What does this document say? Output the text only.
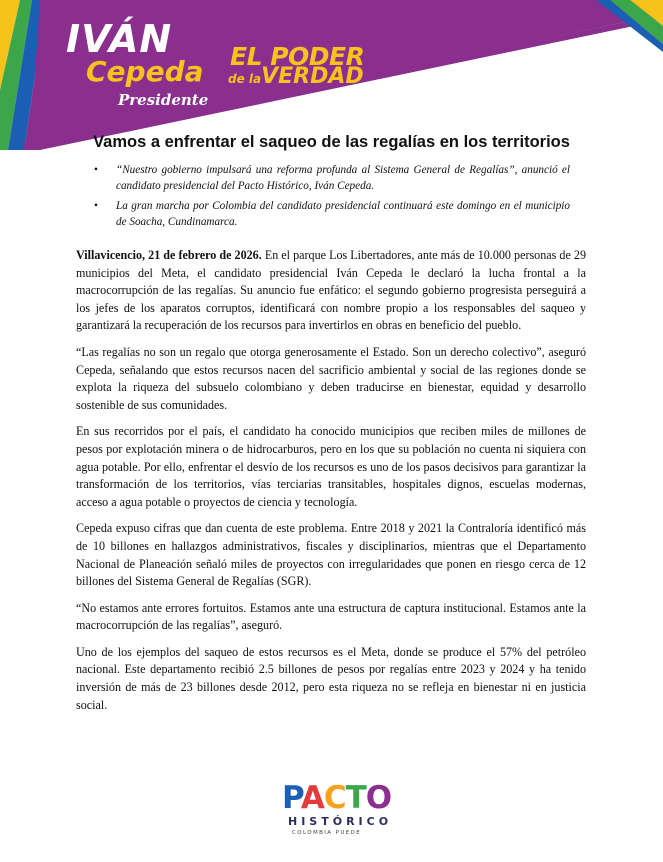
IVÁN
Cepeda
Presidente
EL PODER
de laVERDAD
Vamos a enfrentar el saqueo de las regalías en los territorios
• “Nuestro gobierno impulsará una reforma profunda al Sistema General de Regalías”, anunció el candidato presidencial del Pacto Histórico, Iván Cepeda.
• La gran marcha por Colombia del candidato presidencial continuará este domingo en el municipio de Soacha, Cundinamarca.

Villavicencio, 21 de febrero de 2026. En el parque Los Libertadores, ante más de 10.000 personas de 29 municipios del Meta, el candidato presidencial Iván Cepeda le declaró la lucha frontal a la macrocorrupción de las regalías. Su anuncio fue enfático: el segundo gobierno progresista perseguirá a los jefes de los aparatos corruptos, identificará con nombre propio a los responsables del saqueo y garantizará la recuperación de los recursos para invertirlos en obras en beneficio del pueblo.

“Las regalías no son un regalo que otorga generosamente el Estado. Son un derecho colectivo”, aseguró Cepeda, señalando que estos recursos nacen del sacrificio ambiental y social de las regiones donde se explota la riqueza del subsuelo colombiano y deben traducirse en bienestar, equidad y desarrollo sostenible de sus comunidades.

En sus recorridos por el país, el candidato ha conocido municipios que reciben miles de millones de pesos por explotación minera o de hidrocarburos, pero en los que su población no cuenta ni siquiera con agua potable. Por ello, enfrentar el desvío de los recursos es uno de los pasos decisivos para garantizar la transformación de los territorios, vías terciarias transitables, hospitales dignos, escuelas modernas, acceso a agua potable o proyectos de ciencia y tecnología.

Cepeda expuso cifras que dan cuenta de este problema. Entre 2018 y 2021 la Contraloría identificó más de 10 billones en hallazgos administrativos, fiscales y disciplinarios, mientras que el Departamento Nacional de Planeación señaló miles de proyectos con irregularidades que ponen en riesgo cerca de 12 billones del Sistema General de Regalías (SGR).

“No estamos ante errores fortuitos. Estamos ante una estructura de captura institucional. Estamos ante la macrocorrupción de las regalías”, aseguró.

Uno de los ejemplos del saqueo de estos recursos es el Meta, donde se produce el 57% del petróleo nacional. Este departamento recibió 2.5 billones de pesos por regalías entre 2023 y 2024 y ha tenido inversión de más de 23 billones desde 2012, pero esta riqueza no se refleja en bienestar ni en justicia social.

PACTO
HISTÓRICO
COLOMBIA PUEDE
